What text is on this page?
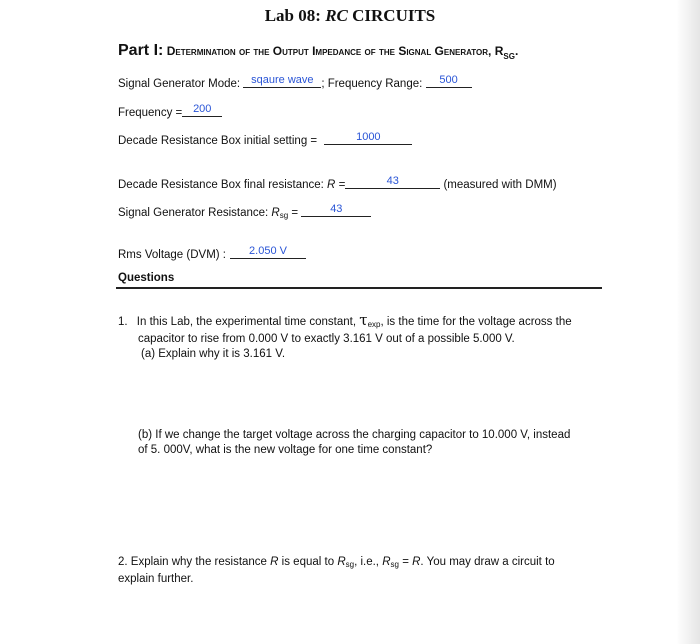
Lab 08: RC CIRCUITS
Part I: Determination of the Output Impedance of the Signal Generator, $R_{SG}$.
Signal Generator Mode: sqaure wave ; Frequency Range: 500
Frequency = 200
Decade Resistance Box initial setting =	1000
Decade Resistance Box final resistance: R =	43	(measured with DMM)
Signal Generator Resistance: Rsg =	43
Rms Voltage (DVM) : 2.050 V
Questions
1. In this Lab, the experimental time constant, τexp, is the time for the voltage across the
capacitor to rise from 0.000 V to exactly 3.161 V out of a possible 5.000 V.
(a) Explain why it is 3.161 V.
(b) If we change the target voltage across the charging capacitor to 10.000 V, instead
of 5. 000V, what is the new voltage for one time constant?
2. Explain why the resistance R is equal to Rsg, i.e., Rsg = R. You may draw a circuit to
explain further.
